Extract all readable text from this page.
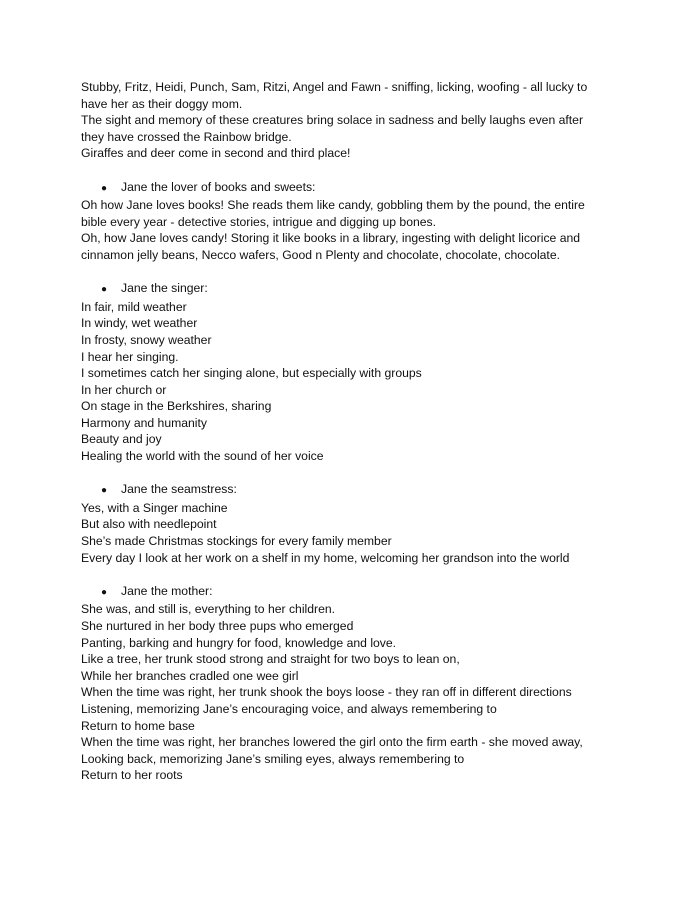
Stubby, Fritz, Heidi, Punch, Sam, Ritzi, Angel and Fawn - sniffing, licking, woofing - all lucky to

have her as their doggy mom.

The sight and memory of these creatures bring solace in sadness and belly laughs even after

they have crossed the Rainbow bridge.

Giraffes and deer come in second and third place!

●	Jane the lover of books and sweets:

Oh how Jane loves books! She reads them like candy, gobbling them by the pound, the entire

bible every year - detective stories, intrigue and digging up bones.

Oh, how Jane loves candy! Storing it like books in a library, ingesting with delight licorice and

cinnamon jelly beans, Necco wafers, Good n Plenty and chocolate, chocolate, chocolate.

●	Jane the singer:

In fair, mild weather

In windy, wet weather

In frosty, snowy weather

I hear her singing.

I sometimes catch her singing alone, but especially with groups

In her church or

On stage in the Berkshires, sharing

Harmony and humanity

Beauty and joy

Healing the world with the sound of her voice

●	Jane the seamstress:

Yes, with a Singer machine

But also with needlepoint

She’s made Christmas stockings for every family member

Every day I look at her work on a shelf in my home, welcoming her grandson into the world

●	Jane the mother:

She was, and still is, everything to her children.

She nurtured in her body three pups who emerged

Panting, barking and hungry for food, knowledge and love.

Like a tree, her trunk stood strong and straight for two boys to lean on,

While her branches cradled one wee girl

When the time was right, her trunk shook the boys loose - they ran off in different directions

Listening, memorizing Jane’s encouraging voice, and always remembering to

Return to home base

When the time was right, her branches lowered the girl onto the firm earth - she moved away,

Looking back, memorizing Jane’s smiling eyes, always remembering to

Return to her roots
